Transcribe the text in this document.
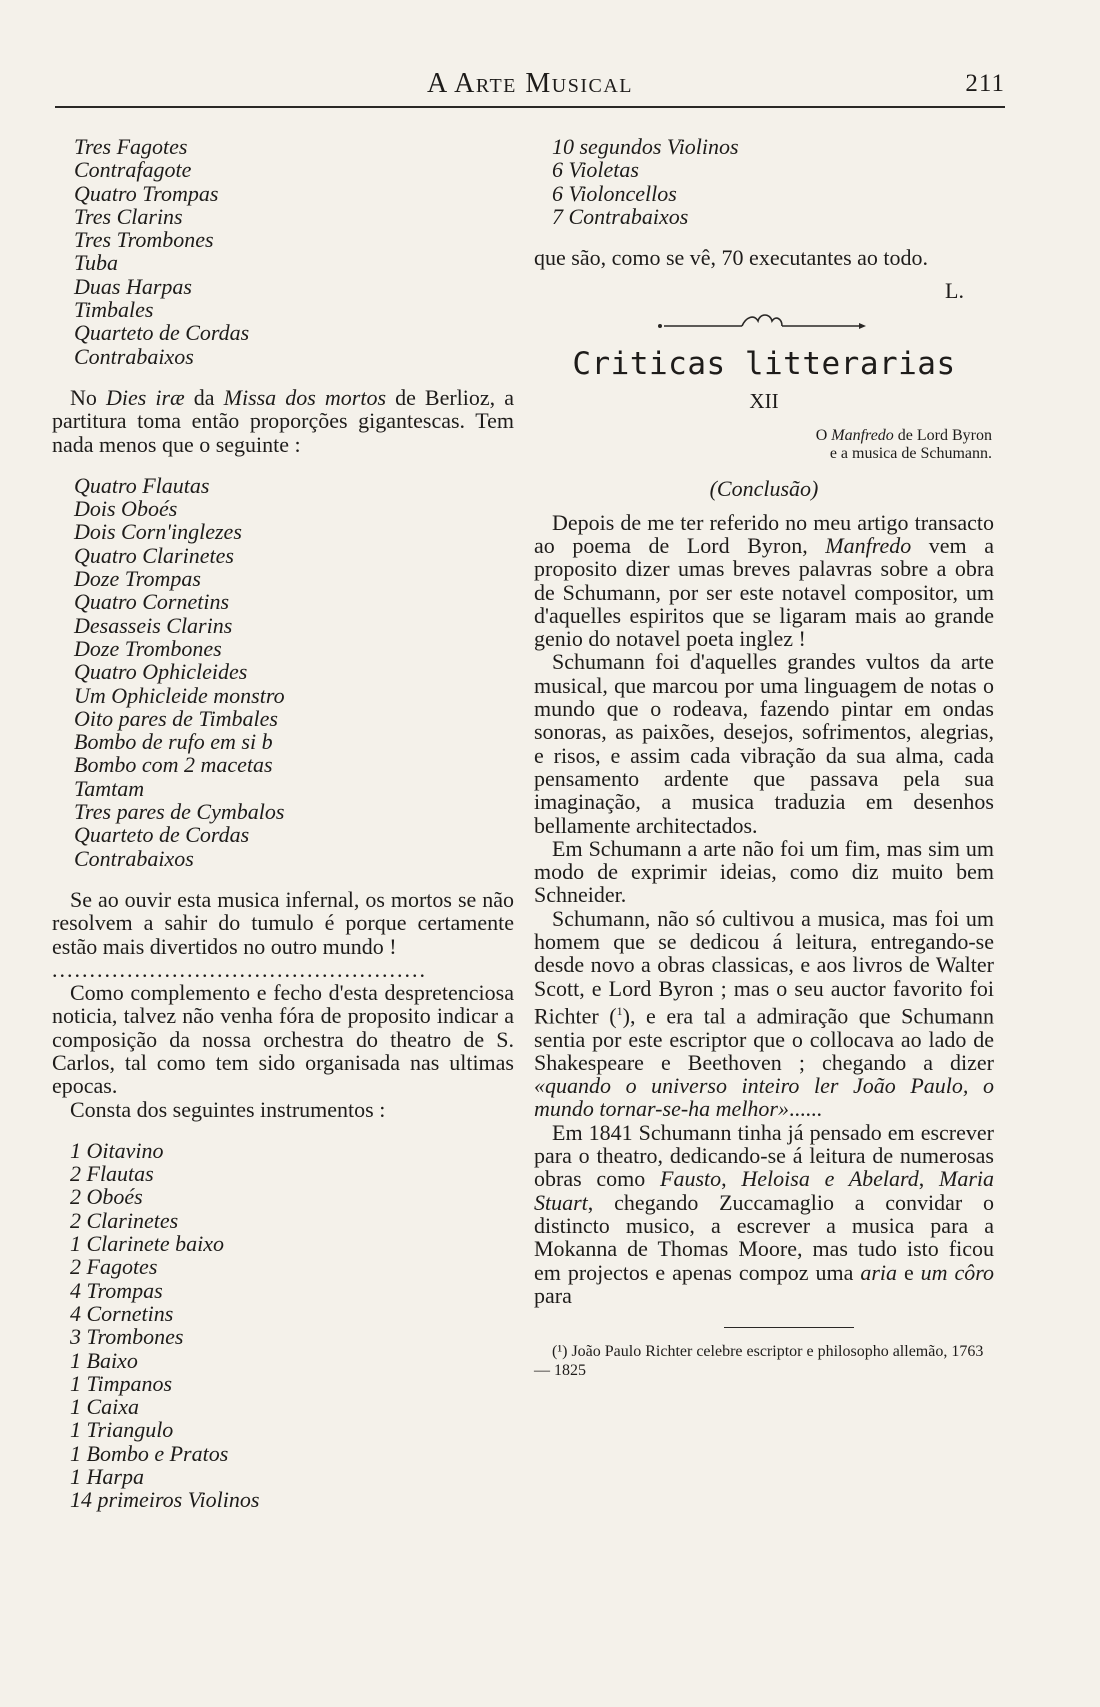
A Arte Musical	211
Tres Fagotes
Contrafagote
Quatro Trompas
Tres Clarins
Tres Trombones
Tuba
Duas Harpas
Timbales
Quarteto de Cordas
Contrabaixos

No Dies iræ da Missa dos mortos de Berlioz, a partitura toma então proporções gigantescas. Tem nada menos que o seguinte :

Quatro Flautas
Dois Oboés
Dois Corn'inglezes
Quatro Clarinetes
Doze Trompas
Quatro Cornetins
Desasseis Clarins
Doze Trombones
Quatro Ophicleides
Um Ophicleide monstro
Oito pares de Timbales
Bombo de rufo em si b
Bombo com 2 macetas
Tamtam
Tres pares de Cymbalos
Quarteto de Cordas
Contrabaixos

Se ao ouvir esta musica infernal, os mortos se não resolvem a sahir do tumulo é porque certamente estão mais divertidos no outro mundo !

..................................................

Como complemento e fecho d'esta despretenciosa noticia, talvez não venha fóra de proposito indicar a composição da nossa orchestra do theatro de S. Carlos, tal como tem sido organisada nas ultimas epocas.

Consta dos seguintes instrumentos :

1 Oitavino
2 Flautas
2 Oboés
2 Clarinetes
1 Clarinete baixo
2 Fagotes
4 Trompas
4 Cornetins
3 Trombones
1 Baixo
1 Timpanos
1 Caixa
1 Triangulo
1 Bombo e Pratos
1 Harpa
14 primeiros Violinos
10 segundos Violinos
6 Violetas
6 Violoncellos
7 Contrabaixos

que são, como se vê, 70 executantes ao todo.

L.
Criticas litterarias
XII
O Manfredo de Lord Byron
e a musica de Schumann.
(Conclusão)

Depois de me ter referido no meu artigo transacto ao poema de Lord Byron, Manfredo vem a proposito dizer umas breves palavras sobre a obra de Schumann, por ser este notavel compositor, um d'aquelles espiritos que se ligaram mais ao grande genio do notavel poeta inglez !

Schumann foi d'aquelles grandes vultos da arte musical, que marcou por uma linguagem de notas o mundo que o rodeava, fazendo pintar em ondas sonoras, as paixões, desejos, sofrimentos, alegrias, e risos, e assim cada vibração da sua alma, cada pensamento ardente que passava pela sua imaginação, a musica traduzia em desenhos bellamente architectados.

Em Schumann a arte não foi um fim, mas sim um modo de exprimir ideias, como diz muito bem Schneider.

Schumann, não só cultivou a musica, mas foi um homem que se dedicou á leitura, entregando-se desde novo a obras classicas, e aos livros de Walter Scott, e Lord Byron ; mas o seu auctor favorito foi Richter ($^1$), e era tal a admiração que Schumann sentia por este escriptor que o collocava ao lado de Shakespeare e Beethoven ; chegando a dizer «quando o universo inteiro ler João Paulo, o mundo tornar-se-ha melhor»......

Em 1841 Schumann tinha já pensado em escrever para o theatro, dedicando-se á leitura de numerosas obras como Fausto, Heloisa e Abelard, Maria Stuart, chegando Zuccamaglio a convidar o distincto musico, a escrever a musica para a Mokanna de Thomas Moore, mas tudo isto ficou em projectos e apenas compoz uma aria e um côro para

(¹) João Paulo Richter celebre escriptor e philosopho allemão, 1763 — 1825
